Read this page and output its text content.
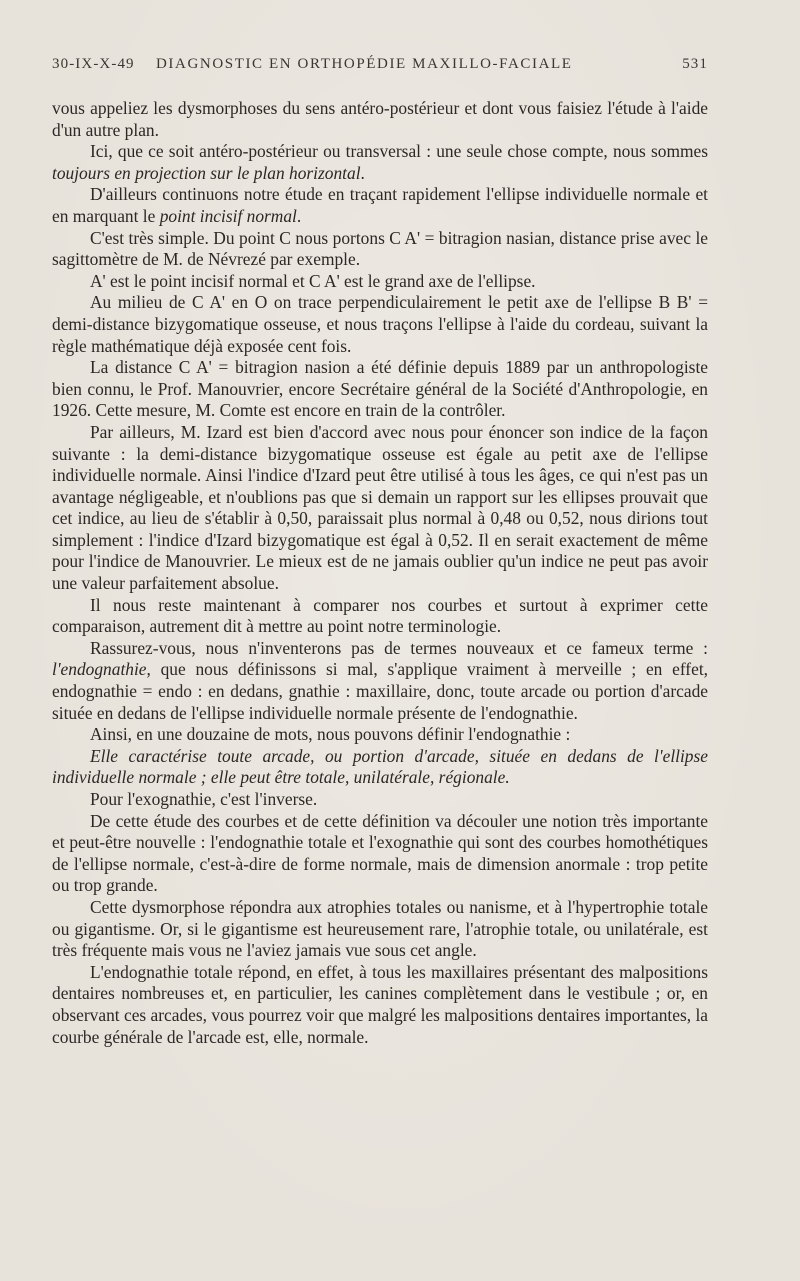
30-IX-X-49 DIAGNOSTIC EN ORTHOPÉDIE MAXILLO-FACIALE	531

vous appeliez les dysmorphoses du sens antéro-postérieur et dont vous faisiez l'étude à l'aide d'un autre plan.

Ici, que ce soit antéro-postérieur ou transversal : une seule chose compte, nous sommes toujours en projection sur le plan horizontal.

D'ailleurs continuons notre étude en traçant rapidement l'ellipse individuelle normale et en marquant le point incisif normal.

C'est très simple. Du point C nous portons C A' = bitragion nasian, distance prise avec le sagittomètre de M. de Névrezé par exemple.

A' est le point incisif normal et C A' est le grand axe de l'ellipse.

Au milieu de C A' en O on trace perpendiculairement le petit axe de l'ellipse B B' = demi-distance bizygomatique osseuse, et nous traçons l'ellipse à l'aide du cordeau, suivant la règle mathématique déjà exposée cent fois.

La distance C A' = bitragion nasion a été définie depuis 1889 par un anthropologiste bien connu, le Prof. Manouvrier, encore Secrétaire général de la Société d'Anthropologie, en 1926. Cette mesure, M. Comte est encore en train de la contrôler.

Par ailleurs, M. Izard est bien d'accord avec nous pour énoncer son indice de la façon suivante : la demi-distance bizygomatique osseuse est égale au petit axe de l'ellipse individuelle normale. Ainsi l'indice d'Izard peut être utilisé à tous les âges, ce qui n'est pas un avantage négligeable, et n'oublions pas que si demain un rapport sur les ellipses prouvait que cet indice, au lieu de s'établir à 0,50, paraissait plus normal à 0,48 ou 0,52, nous dirions tout simplement : l'indice d'Izard bizygomatique est égal à 0,52. Il en serait exactement de même pour l'indice de Manouvrier. Le mieux est de ne jamais oublier qu'un indice ne peut pas avoir une valeur parfaitement absolue.

Il nous reste maintenant à comparer nos courbes et surtout à exprimer cette comparaison, autrement dit à mettre au point notre terminologie.

Rassurez-vous, nous n'inventerons pas de termes nouveaux et ce fameux terme : l'endognathie, que nous définissons si mal, s'applique vraiment à merveille ; en effet, endognathie = endo : en dedans, gnathie : maxillaire, donc, toute arcade ou portion d'arcade située en dedans de l'ellipse individuelle normale présente de l'endognathie.

Ainsi, en une douzaine de mots, nous pouvons définir l'endognathie :

Elle caractérise toute arcade, ou portion d'arcade, située en dedans de l'ellipse individuelle normale ; elle peut être totale, unilatérale, régionale.

Pour l'exognathie, c'est l'inverse.

De cette étude des courbes et de cette définition va découler une notion très importante et peut-être nouvelle : l'endognathie totale et l'exognathie qui sont des courbes homothétiques de l'ellipse normale, c'est-à-dire de forme normale, mais de dimension anormale : trop petite ou trop grande.

Cette dysmorphose répondra aux atrophies totales ou nanisme, et à l'hypertrophie totale ou gigantisme. Or, si le gigantisme est heureusement rare, l'atrophie totale, ou unilatérale, est très fréquente mais vous ne l'aviez jamais vue sous cet angle.

L'endognathie totale répond, en effet, à tous les maxillaires présentant des malpositions dentaires nombreuses et, en particulier, les canines complètement dans le vestibule ; or, en observant ces arcades, vous pourrez voir que malgré les malpositions dentaires importantes, la courbe générale de l'arcade est, elle, normale.
